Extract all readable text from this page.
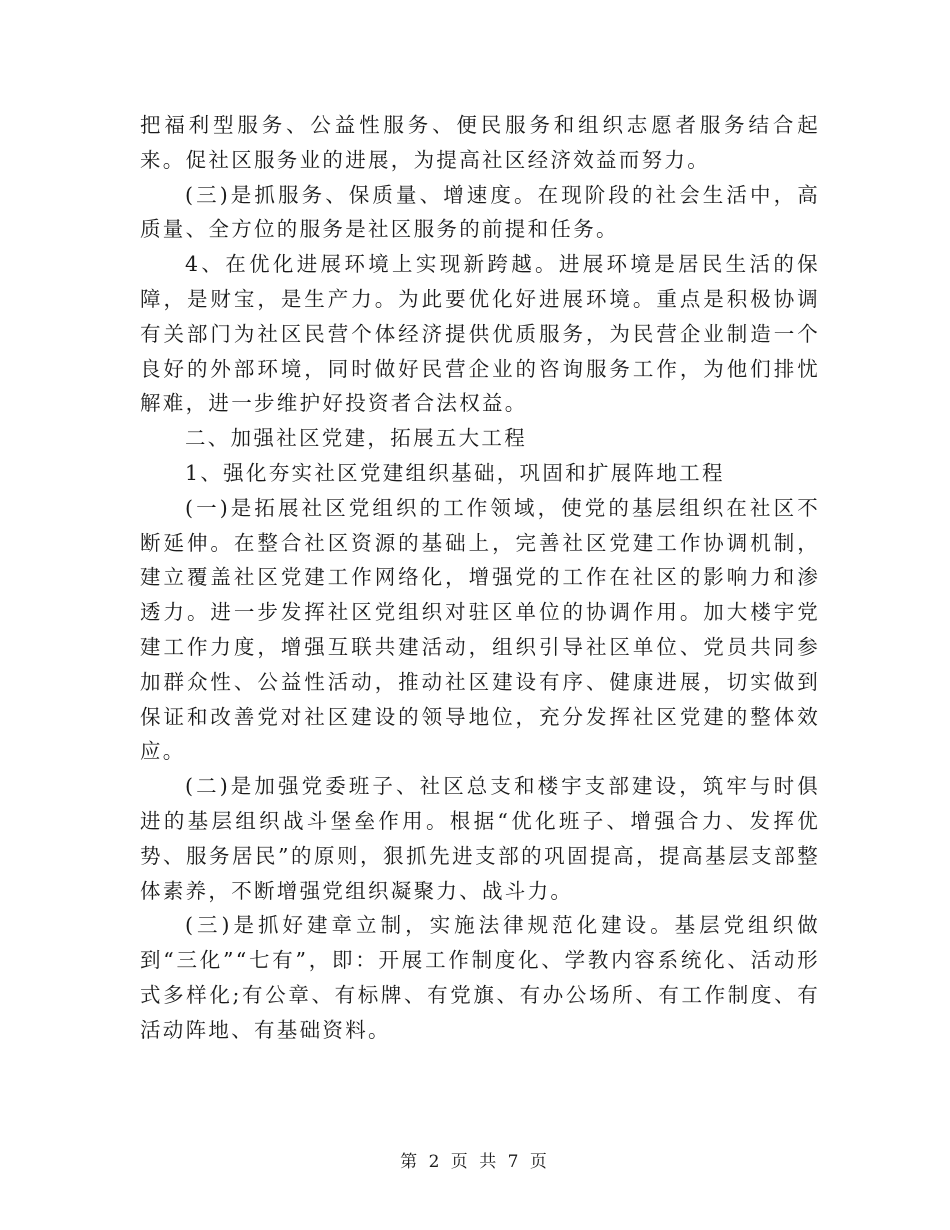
把福利型服务、公益性服务、便民服务和组织志愿者服务结合起来。促社区服务业的进展，为提高社区经济效益而努力。

(三)是抓服务、保质量、增速度。在现阶段的社会生活中，高质量、全方位的服务是社区服务的前提和任务。

4、在优化进展环境上实现新跨越。进展环境是居民生活的保障，是财宝，是生产力。为此要优化好进展环境。重点是积极协调有关部门为社区民营个体经济提供优质服务，为民营企业制造一个良好的外部环境，同时做好民营企业的咨询服务工作，为他们排忧解难，进一步维护好投资者合法权益。

二、加强社区党建，拓展五大工程

1、强化夯实社区党建组织基础，巩固和扩展阵地工程

(一)是拓展社区党组织的工作领域，使党的基层组织在社区不断延伸。在整合社区资源的基础上，完善社区党建工作协调机制，建立覆盖社区党建工作网络化，增强党的工作在社区的影响力和渗透力。进一步发挥社区党组织对驻区单位的协调作用。加大楼宇党建工作力度，增强互联共建活动，组织引导社区单位、党员共同参加群众性、公益性活动，推动社区建设有序、健康进展，切实做到保证和改善党对社区建设的领导地位，充分发挥社区党建的整体效应。

(二)是加强党委班子、社区总支和楼宇支部建设，筑牢与时俱进的基层组织战斗堡垒作用。根据“优化班子、增强合力、发挥优势、服务居民”的原则，狠抓先进支部的巩固提高，提高基层支部整体素养，不断增强党组织凝聚力、战斗力。

(三)是抓好建章立制，实施法律规范化建设。基层党组织做到“三化”“七有”，即：开展工作制度化、学教内容系统化、活动形式多样化;有公章、有标牌、有党旗、有办公场所、有工作制度、有活动阵地、有基础资料。

第 2 页 共 7 页
